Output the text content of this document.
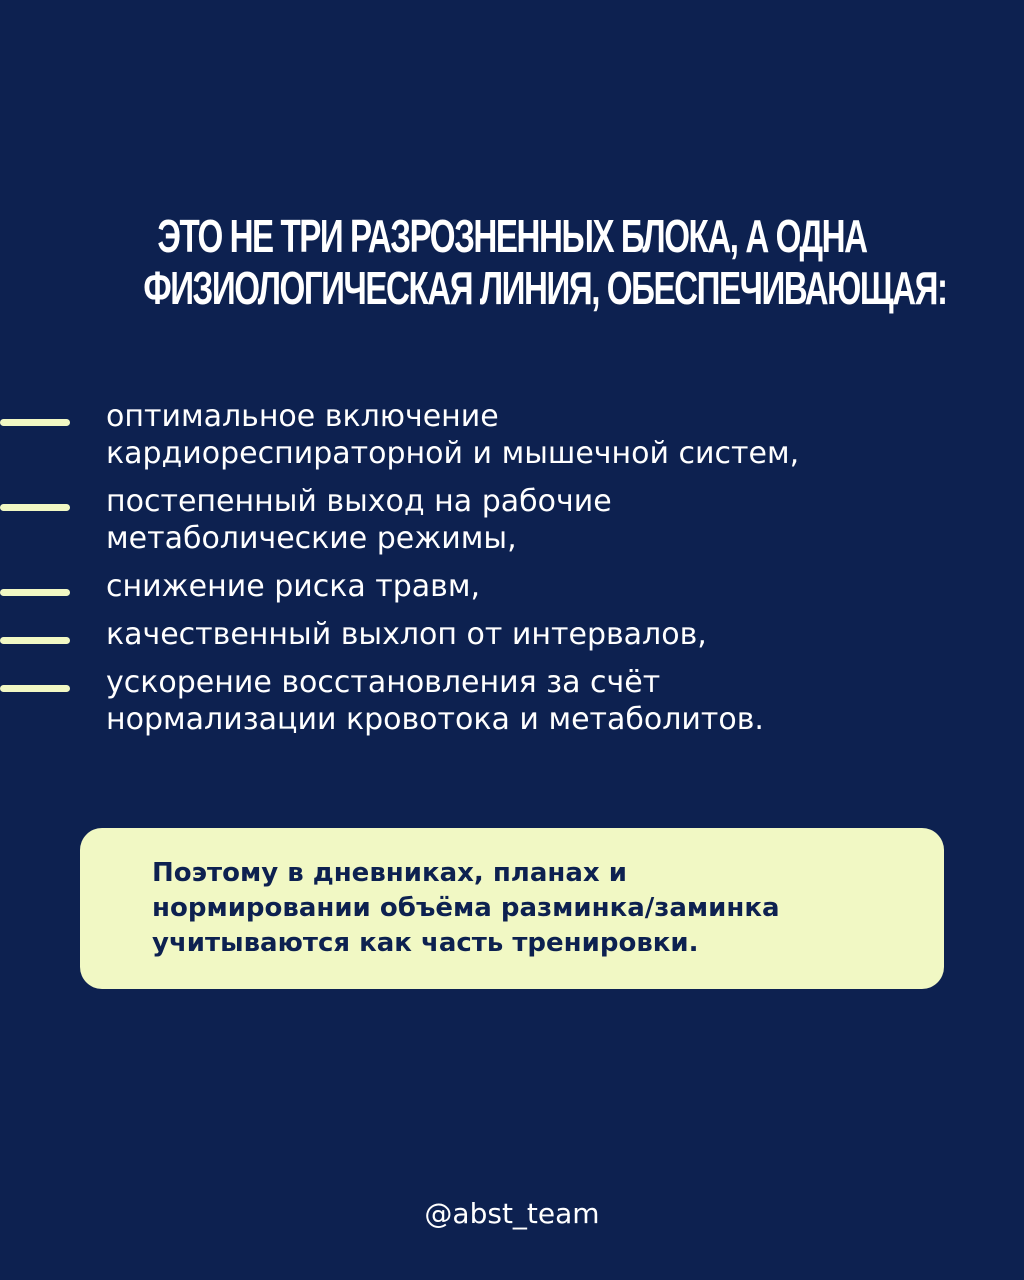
ЭТО НЕ ТРИ РАЗРОЗНЕННЫХ БЛОКА, А ОДНА
ФИЗИОЛОГИЧЕСКАЯ ЛИНИЯ, ОБЕСПЕЧИВАЮЩАЯ:
оптимальное включение
кардиореспираторной и мышечной систем,
постепенный выход на рабочие
метаболические режимы,
снижение риска травм,
качественный выхлоп от интервалов,
ускорение восстановления за счёт
нормализации кровотока и метаболитов.
Поэтому в дневниках, планах и
нормировании объёма разминка/заминка
учитываются как часть тренировки.
@abst_team
